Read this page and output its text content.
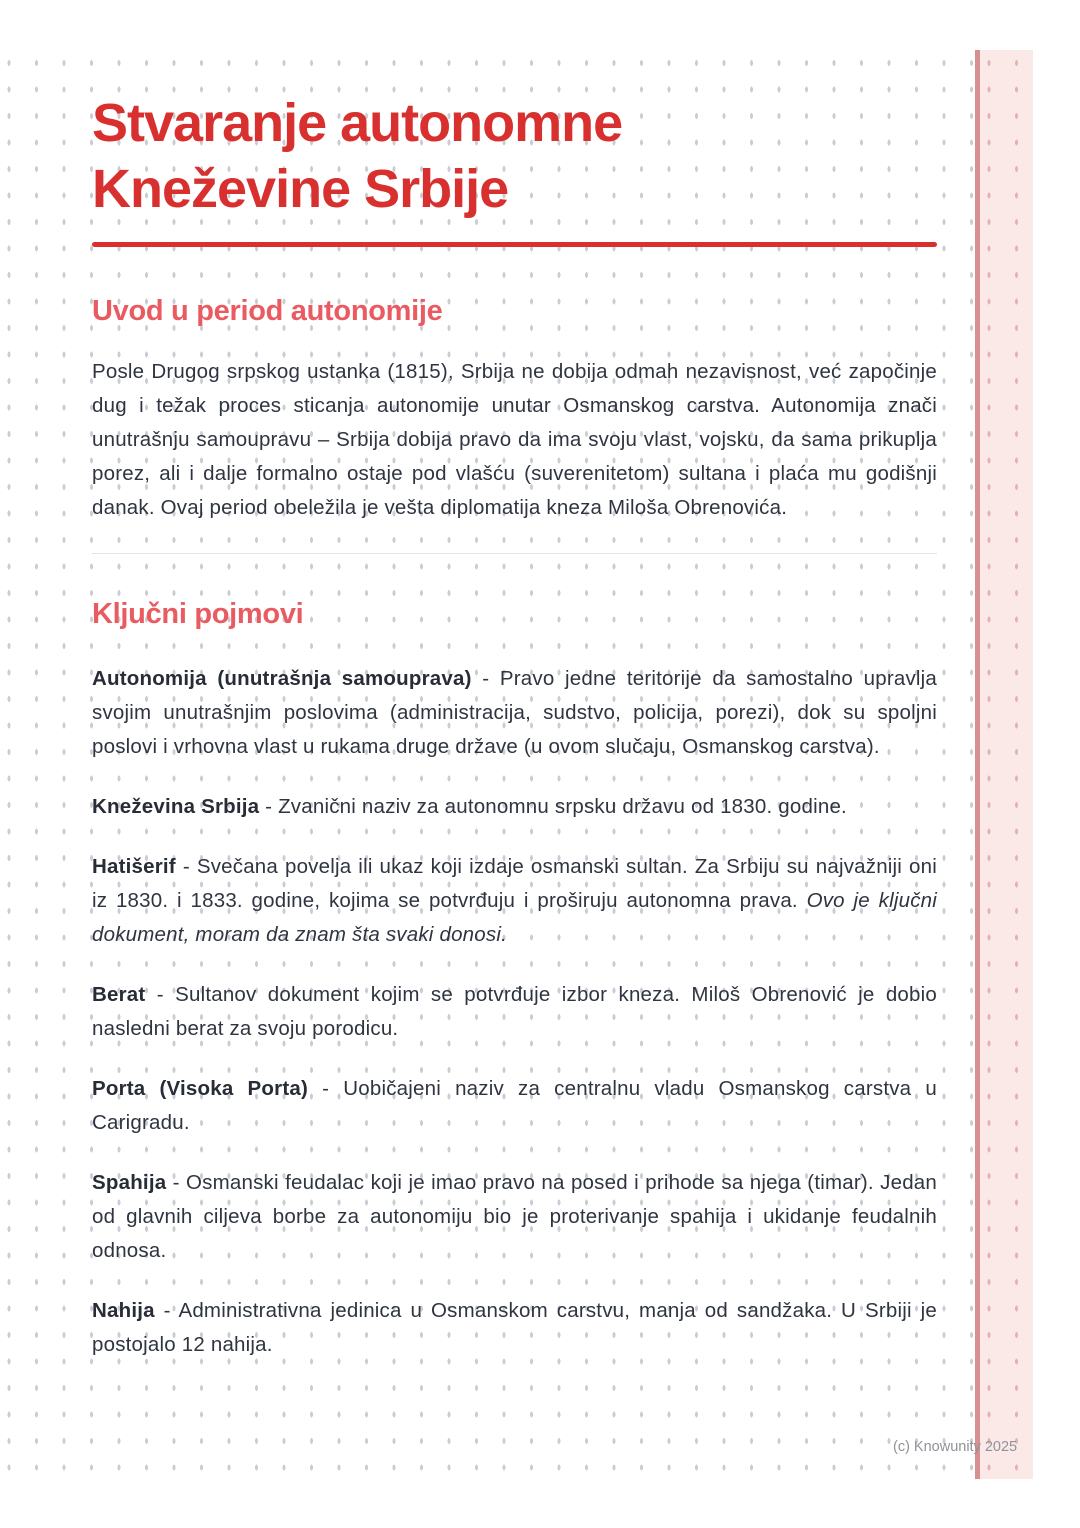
Stvaranje autonomne Kneževine Srbije
Uvod u period autonomije

Posle Drugog srpskog ustanka (1815), Srbija ne dobija odmah nezavisnost, već započinje dug i težak proces sticanja autonomije unutar Osmanskog carstva. Autonomija znači unutrašnju samoupravu – Srbija dobija pravo da ima svoju vlast, vojsku, da sama prikuplja porez, ali i dalje formalno ostaje pod vlašću (suverenitetom) sultana i plaća mu godišnji danak. Ovaj period obeležila je vešta diplomatija kneza Miloša Obrenovića.

Ključni pojmovi

Autonomija (unutrašnja samouprava) - Pravo jedne teritorije da samostalno upravlja svojim unutrašnjim poslovima (administracija, sudstvo, policija, porezi), dok su spoljni poslovi i vrhovna vlast u rukama druge države (u ovom slučaju, Osmanskog carstva).

Kneževina Srbija - Zvanični naziv za autonomnu srpsku državu od 1830. godine.

Hatišerif - Svečana povelja ili ukaz koji izdaje osmanski sultan. Za Srbiju su najvažniji oni iz 1830. i 1833. godine, kojima se potvrđuju i proširuju autonomna prava. Ovo je ključni dokument, moram da znam šta svaki donosi.

Berat - Sultanov dokument kojim se potvrđuje izbor kneza. Miloš Obrenović je dobio nasledni berat za svoju porodicu.

Porta (Visoka Porta) - Uobičajeni naziv za centralnu vladu Osmanskog carstva u Carigradu.

Spahija - Osmanski feudalac koji je imao pravo na posed i prihode sa njega (timar). Jedan od glavnih ciljeva borbe za autonomiju bio je proterivanje spahija i ukidanje feudalnih odnosa.

Nahija - Administrativna jedinica u Osmanskom carstvu, manja od sandžaka. U Srbiji je postojalo 12 nahija.

(c) Knowunity 2025
